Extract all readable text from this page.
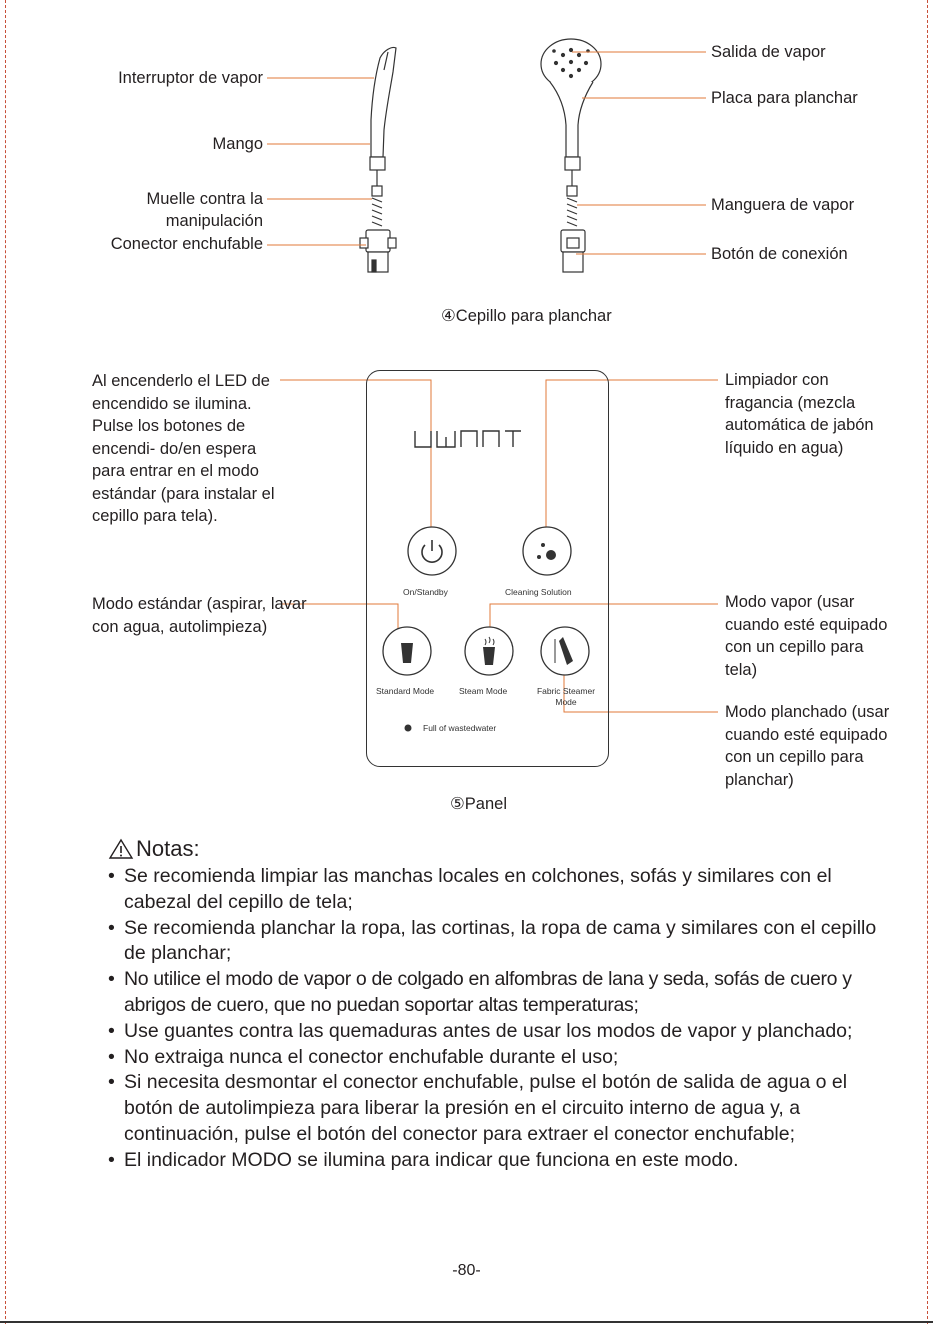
Interruptor de vapor
Mango
Muelle contra la
manipulación
Conector enchufable
Salida de vapor
Placa para planchar
Manguera de vapor
Botón de conexión
④Cepillo para planchar
Al encenderlo el LED de encendido se ilumina. Pulse los botones de encendi- do/en espera para entrar en el modo estándar (para instalar el cepillo para tela).
Modo estándar (aspirar, lavar con agua, autolimpieza)
Limpiador con fragancia (mezcla automática de jabón líquido en agua)
Modo vapor (usar cuando esté equipado con un cepillo para tela)
Modo planchado (usar cuando esté equipado con un cepillo para planchar)
On/Standby	Cleaning Solution
Standard Mode	Steam Mode	Fabric Steamer Mode
Full of wastedwater
⑤Panel
Notas:
• Se recomienda limpiar las manchas locales en colchones, sofás y similares con el cabezal del cepillo de tela;
• Se recomienda planchar la ropa, las cortinas, la ropa de cama y similares con el cepillo de planchar;
• No utilice el modo de vapor o de colgado en alfombras de lana y seda, sofás de cuero y abrigos de cuero, que no puedan soportar altas temperaturas;
• Use guantes contra las quemaduras antes de usar los modos de vapor y planchado;
• No extraiga nunca el conector enchufable durante el uso;
• Si necesita desmontar el conector enchufable, pulse el botón de salida de agua o el botón de autolimpieza para liberar la presión en el circuito interno de agua y, a continuación, pulse el botón del conector para extraer el conector enchufable;
• El indicador MODO se ilumina para indicar que funciona en este modo.
-80-
